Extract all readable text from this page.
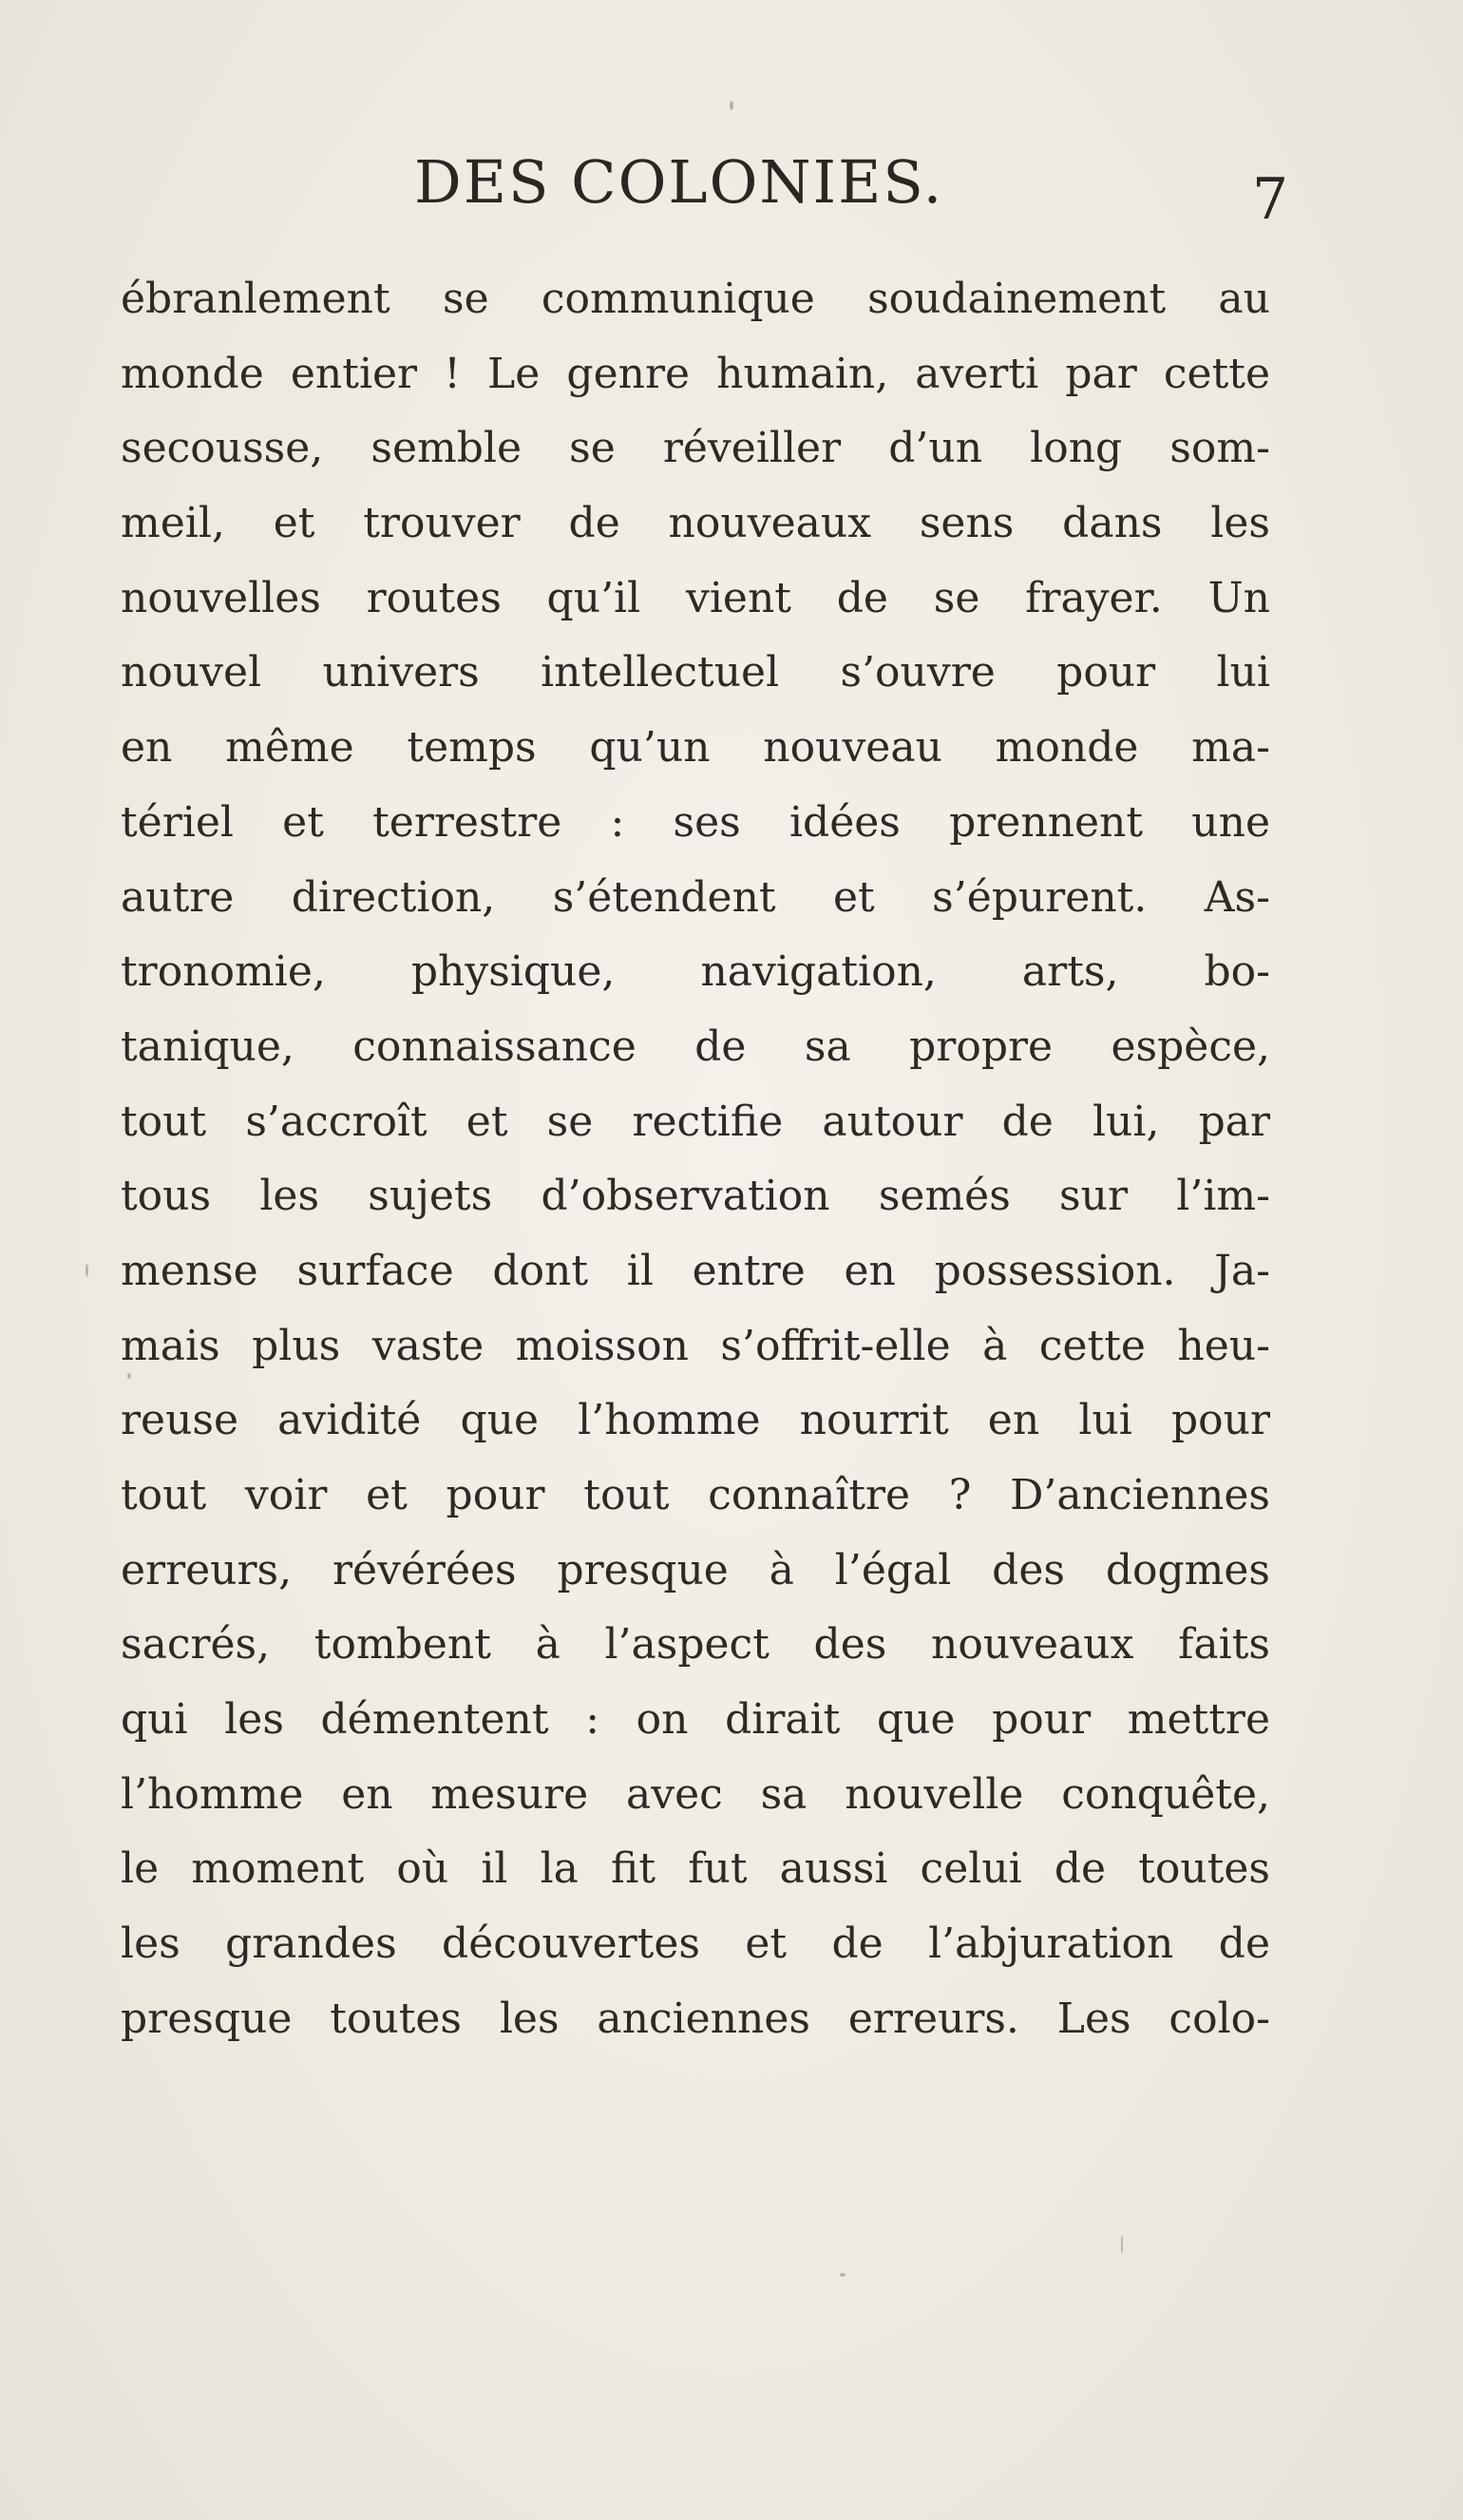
DES COLONIES.	7
ébranlement se communique soudainement au
monde entier ! Le genre humain, averti par cette
secousse, semble se réveiller d’un long som-
meil, et trouver de nouveaux sens dans les
nouvelles routes qu’il vient de se frayer. Un
nouvel univers intellectuel s’ouvre pour lui
en même temps qu’un nouveau monde ma-
tériel et terrestre : ses idées prennent une
autre direction, s’étendent et s’épurent. As-
tronomie, physique, navigation, arts, bo-
tanique, connaissance de sa propre espèce,
tout s’accroît et se rectifie autour de lui, par
tous les sujets d’observation semés sur l’im-
mense surface dont il entre en possession. Ja-
mais plus vaste moisson s’offrit-elle à cette heu-
reuse avidité que l’homme nourrit en lui pour
tout voir et pour tout connaître ? D’anciennes
erreurs, révérées presque à l’égal des dogmes
sacrés, tombent à l’aspect des nouveaux faits
qui les démentent : on dirait que pour mettre
l’homme en mesure avec sa nouvelle conquête,
le moment où il la fit fut aussi celui de toutes
les grandes découvertes et de l’abjuration de
presque toutes les anciennes erreurs. Les colo-
